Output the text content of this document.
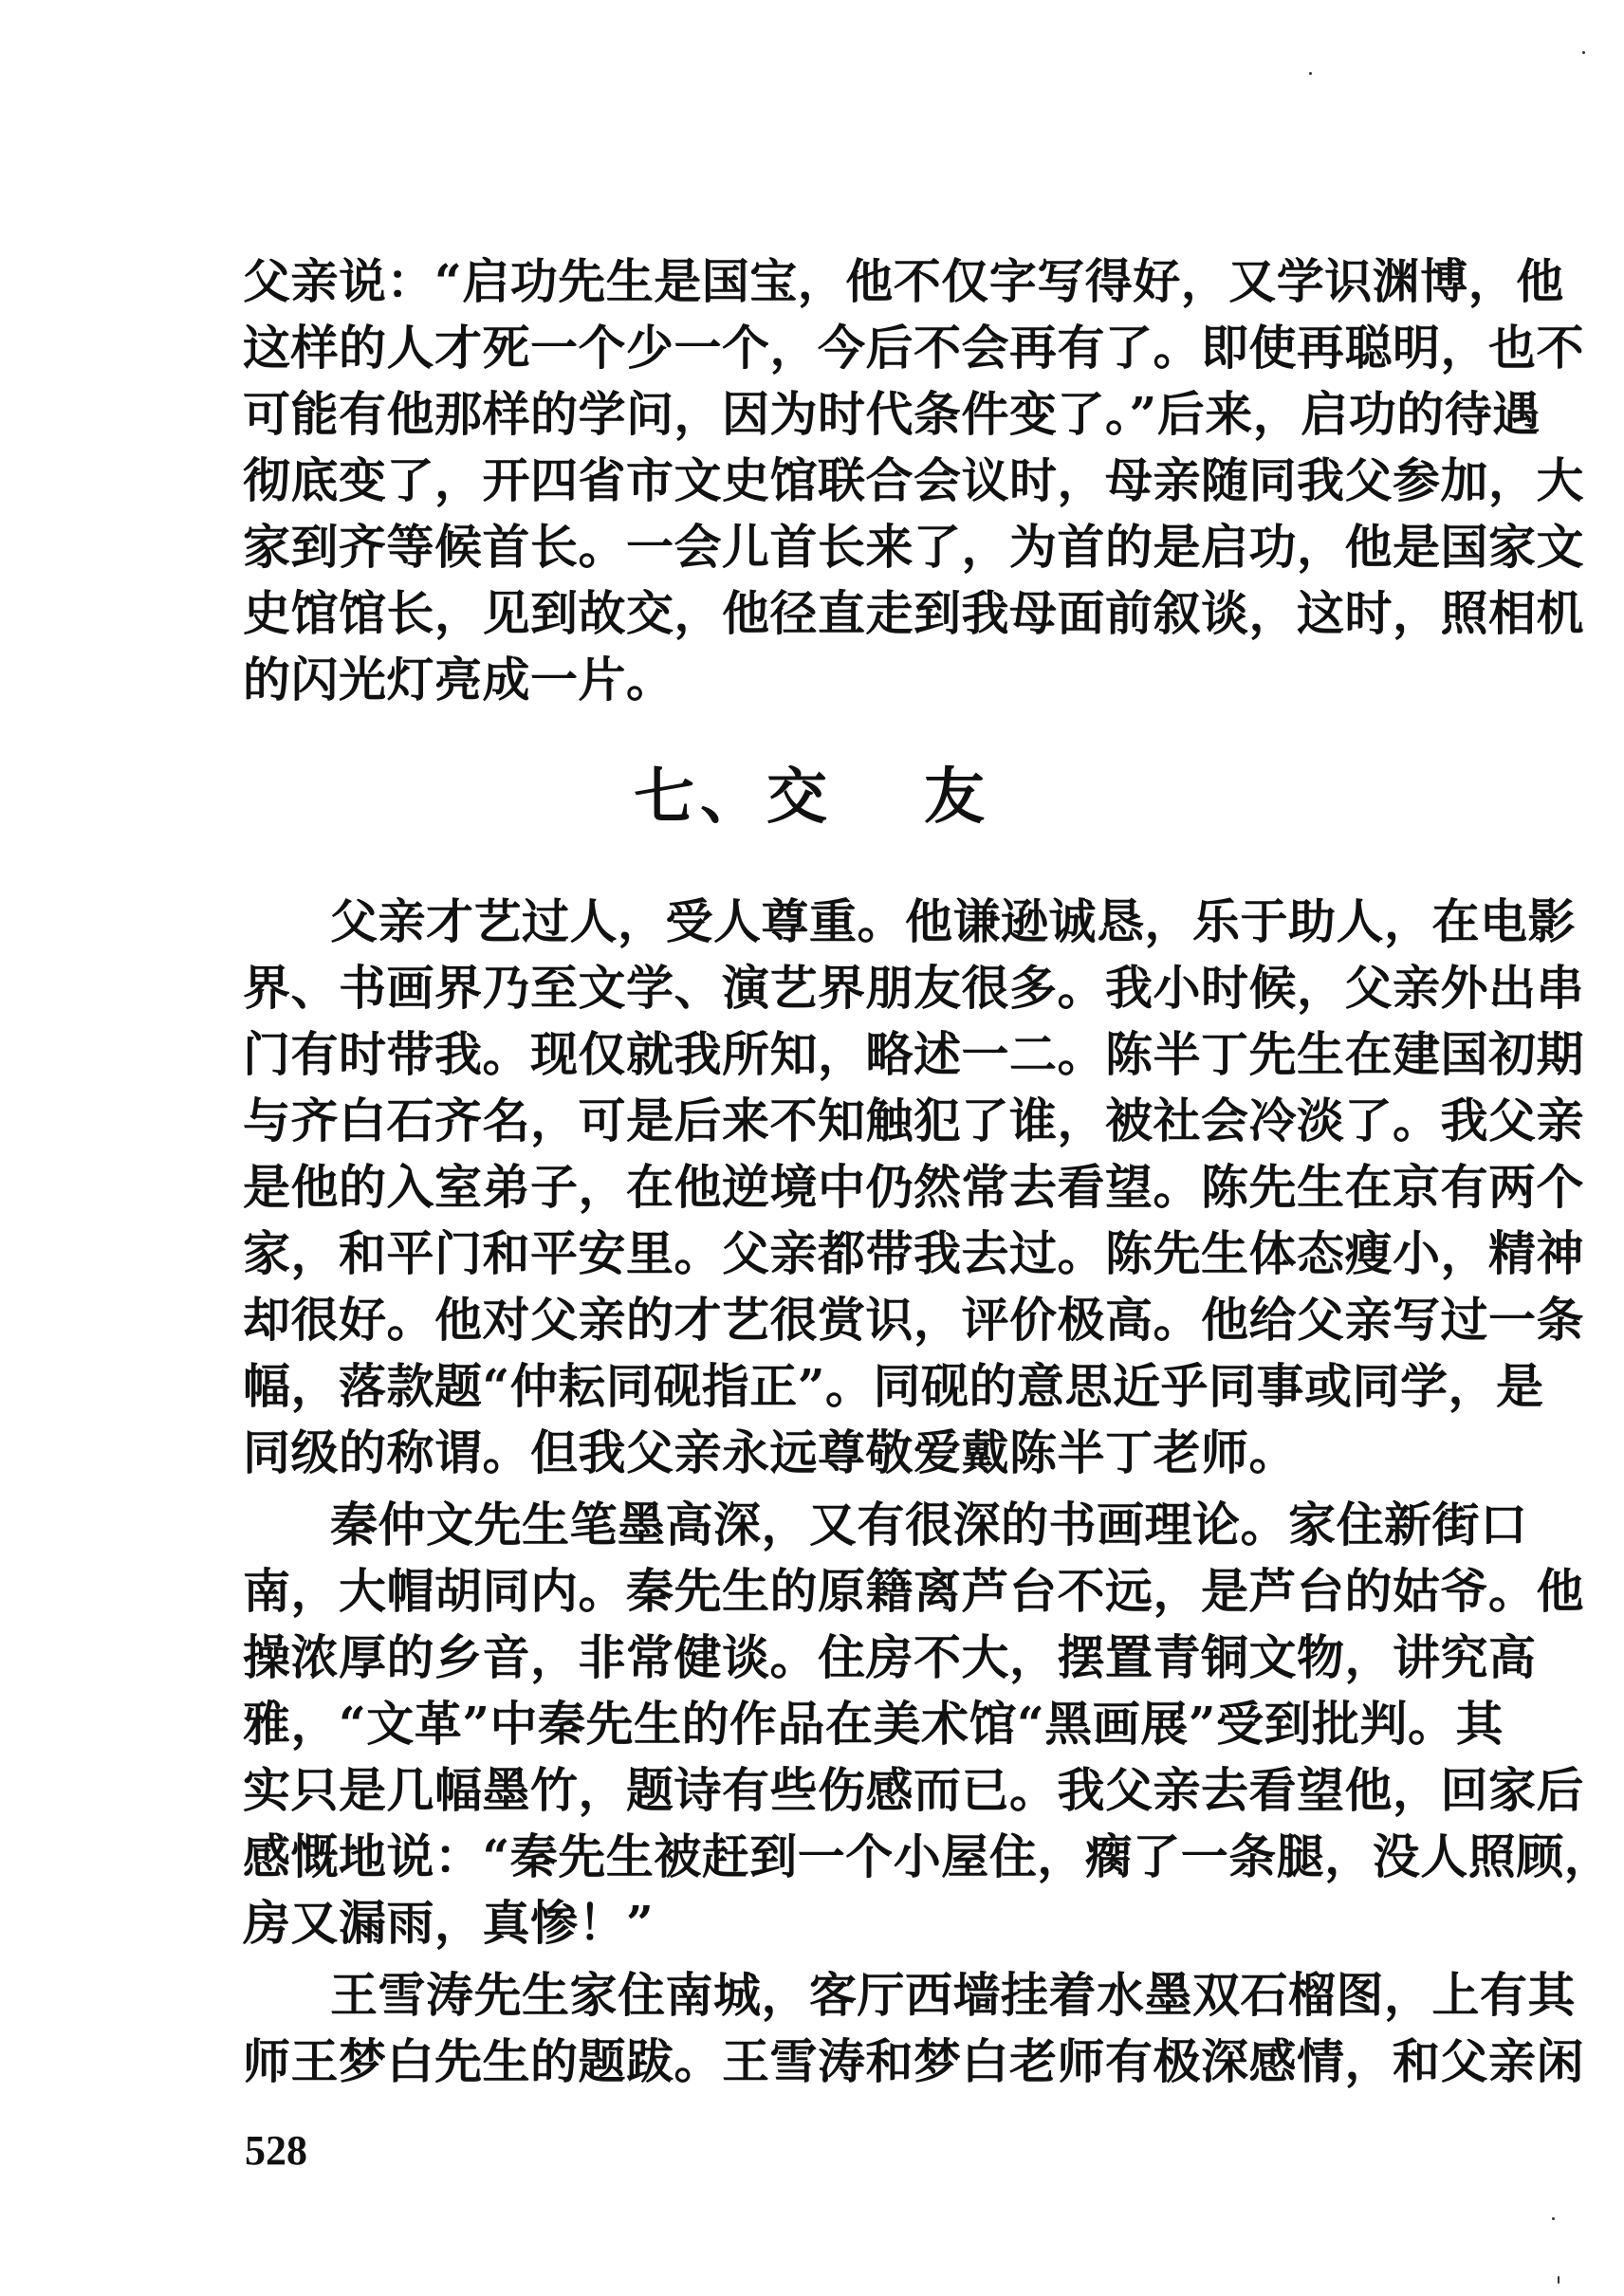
父亲说：“启功先生是国宝，他不仅字写得好，又学识渊博，他
这样的人才死一个少一个，今后不会再有了。即使再聪明，也不
可能有他那样的学问，因为时代条件变了。”后来，启功的待遇
彻底变了，开四省市文史馆联合会议时，母亲随同我父参加，大
家到齐等候首长。一会儿首长来了，为首的是启功，他是国家文
史馆馆长，见到故交，他径直走到我母面前叙谈，这时，照相机
的闪光灯亮成一片。
七、交 友
父亲才艺过人，受人尊重。他谦逊诚恳，乐于助人，在电影
界、书画界乃至文学、演艺界朋友很多。我小时候，父亲外出串
门有时带我。现仅就我所知，略述一二。陈半丁先生在建国初期
与齐白石齐名，可是后来不知触犯了谁，被社会冷淡了。我父亲
是他的入室弟子，在他逆境中仍然常去看望。陈先生在京有两个
家，和平门和平安里。父亲都带我去过。陈先生体态瘦小，精神
却很好。他对父亲的才艺很赏识，评价极高。他给父亲写过一条
幅，落款题“仲耘同砚指正”。同砚的意思近乎同事或同学，是
同级的称谓。但我父亲永远尊敬爱戴陈半丁老师。
秦仲文先生笔墨高深，又有很深的书画理论。家住新街口
南，大帽胡同内。秦先生的原籍离芦台不远，是芦台的姑爷。他
操浓厚的乡音，非常健谈。住房不大，摆置青铜文物，讲究高
雅，“文革”中秦先生的作品在美术馆“黑画展”受到批判。其
实只是几幅墨竹，题诗有些伤感而已。我父亲去看望他，回家后
感慨地说：“秦先生被赶到一个小屋住，瘸了一条腿，没人照顾，
房又漏雨，真惨！”
王雪涛先生家住南城，客厅西墙挂着水墨双石榴图，上有其
师王梦白先生的题跋。王雪涛和梦白老师有极深感情，和父亲闲
528
